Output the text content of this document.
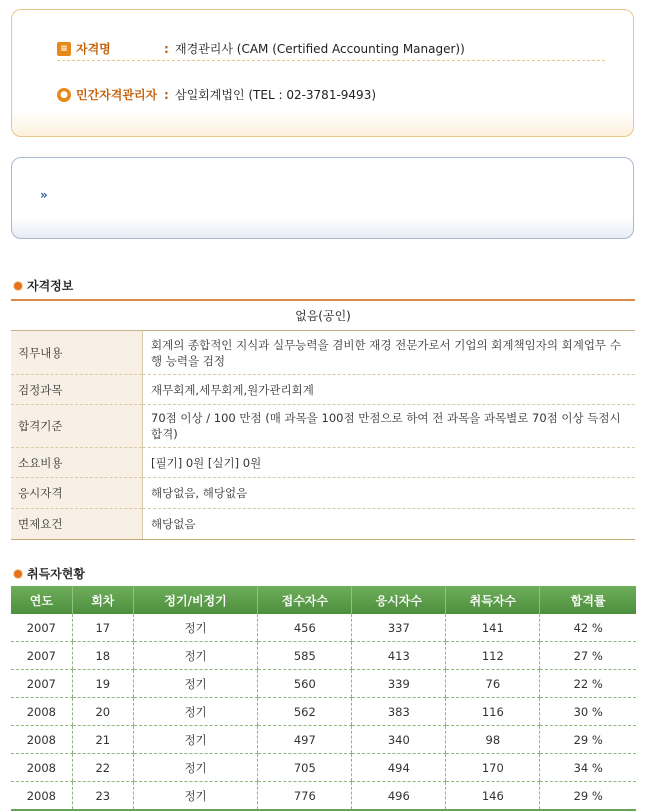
≡ 자격명	: 재경관리사 (CAM (Certified Accounting Manager))
● 민간자격관리자 : 삼일회계법인 (TEL : 02-3781-9493)
»
자격정보
없음(공인)	
직무내용	회계의 종합적인 지식과 실무능력을 겸비한 재경 전문가로서 기업의 회계책임자의 회계업무 수행 능력을 검정
검정과목	재무회계,세무회계,원가관리회계
합격기준	70점 이상 / 100 만점 (매 과목을 100점 만점으로 하여 전 과목을 과목별로 70점 이상 득점시 합격)
소요비용	[필기] 0원 [실기] 0원
응시자격	해당없음, 해당없음
면제요건	해당없음
취득자현황
연도	회차	정기/비정기	접수자수	응시자수	취득자수	합격률
2007	17	정기	456	337	141	42 %
2007	18	정기	585	413	112	27 %
2007	19	정기	560	339	76	22 %
2008	20	정기	562	383	116	30 %
2008	21	정기	497	340	98	29 %
2008	22	정기	705	494	170	34 %
2008	23	정기	776	496	146	29 %
